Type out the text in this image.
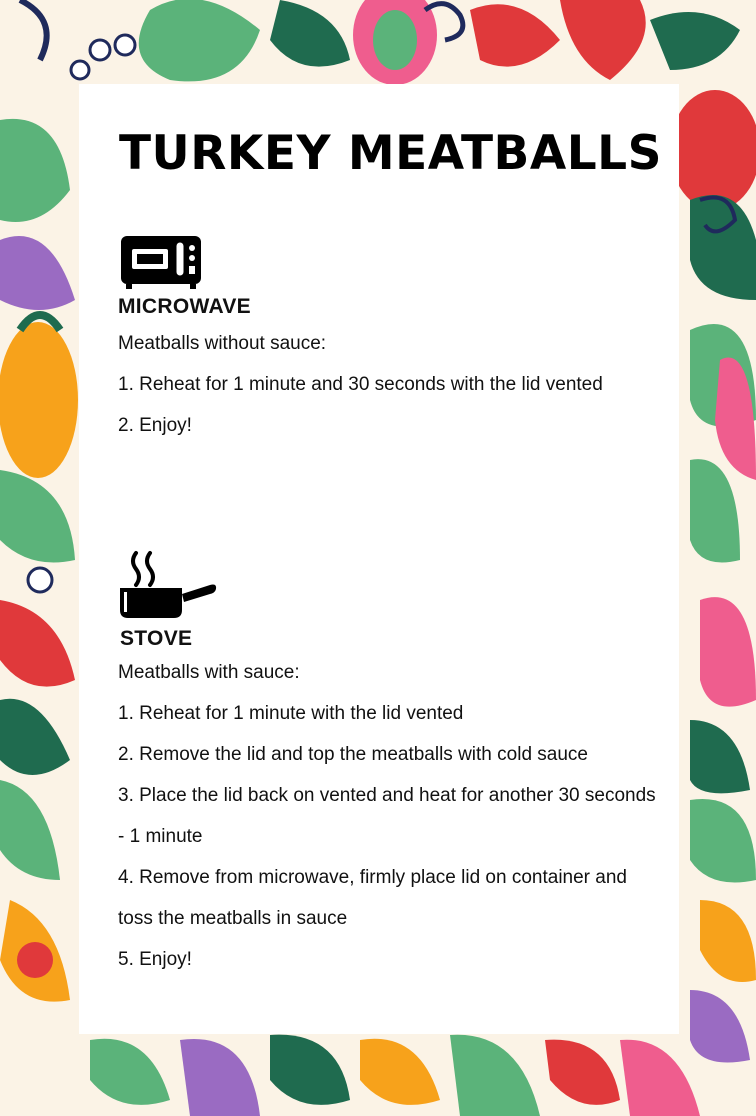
TURKEY MEATBALLS
MICROWAVE

Meatballs without sauce:

1. Reheat for 1 minute and 30 seconds with the lid vented

2. Enjoy!

STOVE

Meatballs with sauce:

1. Reheat for 1 minute with the lid vented

2. Remove the lid and top the meatballs with cold sauce

3. Place the lid back on vented and heat for another 30 seconds - 1 minute

4. Remove from microwave, firmly place lid on container and toss the meatballs in sauce

5. Enjoy!
